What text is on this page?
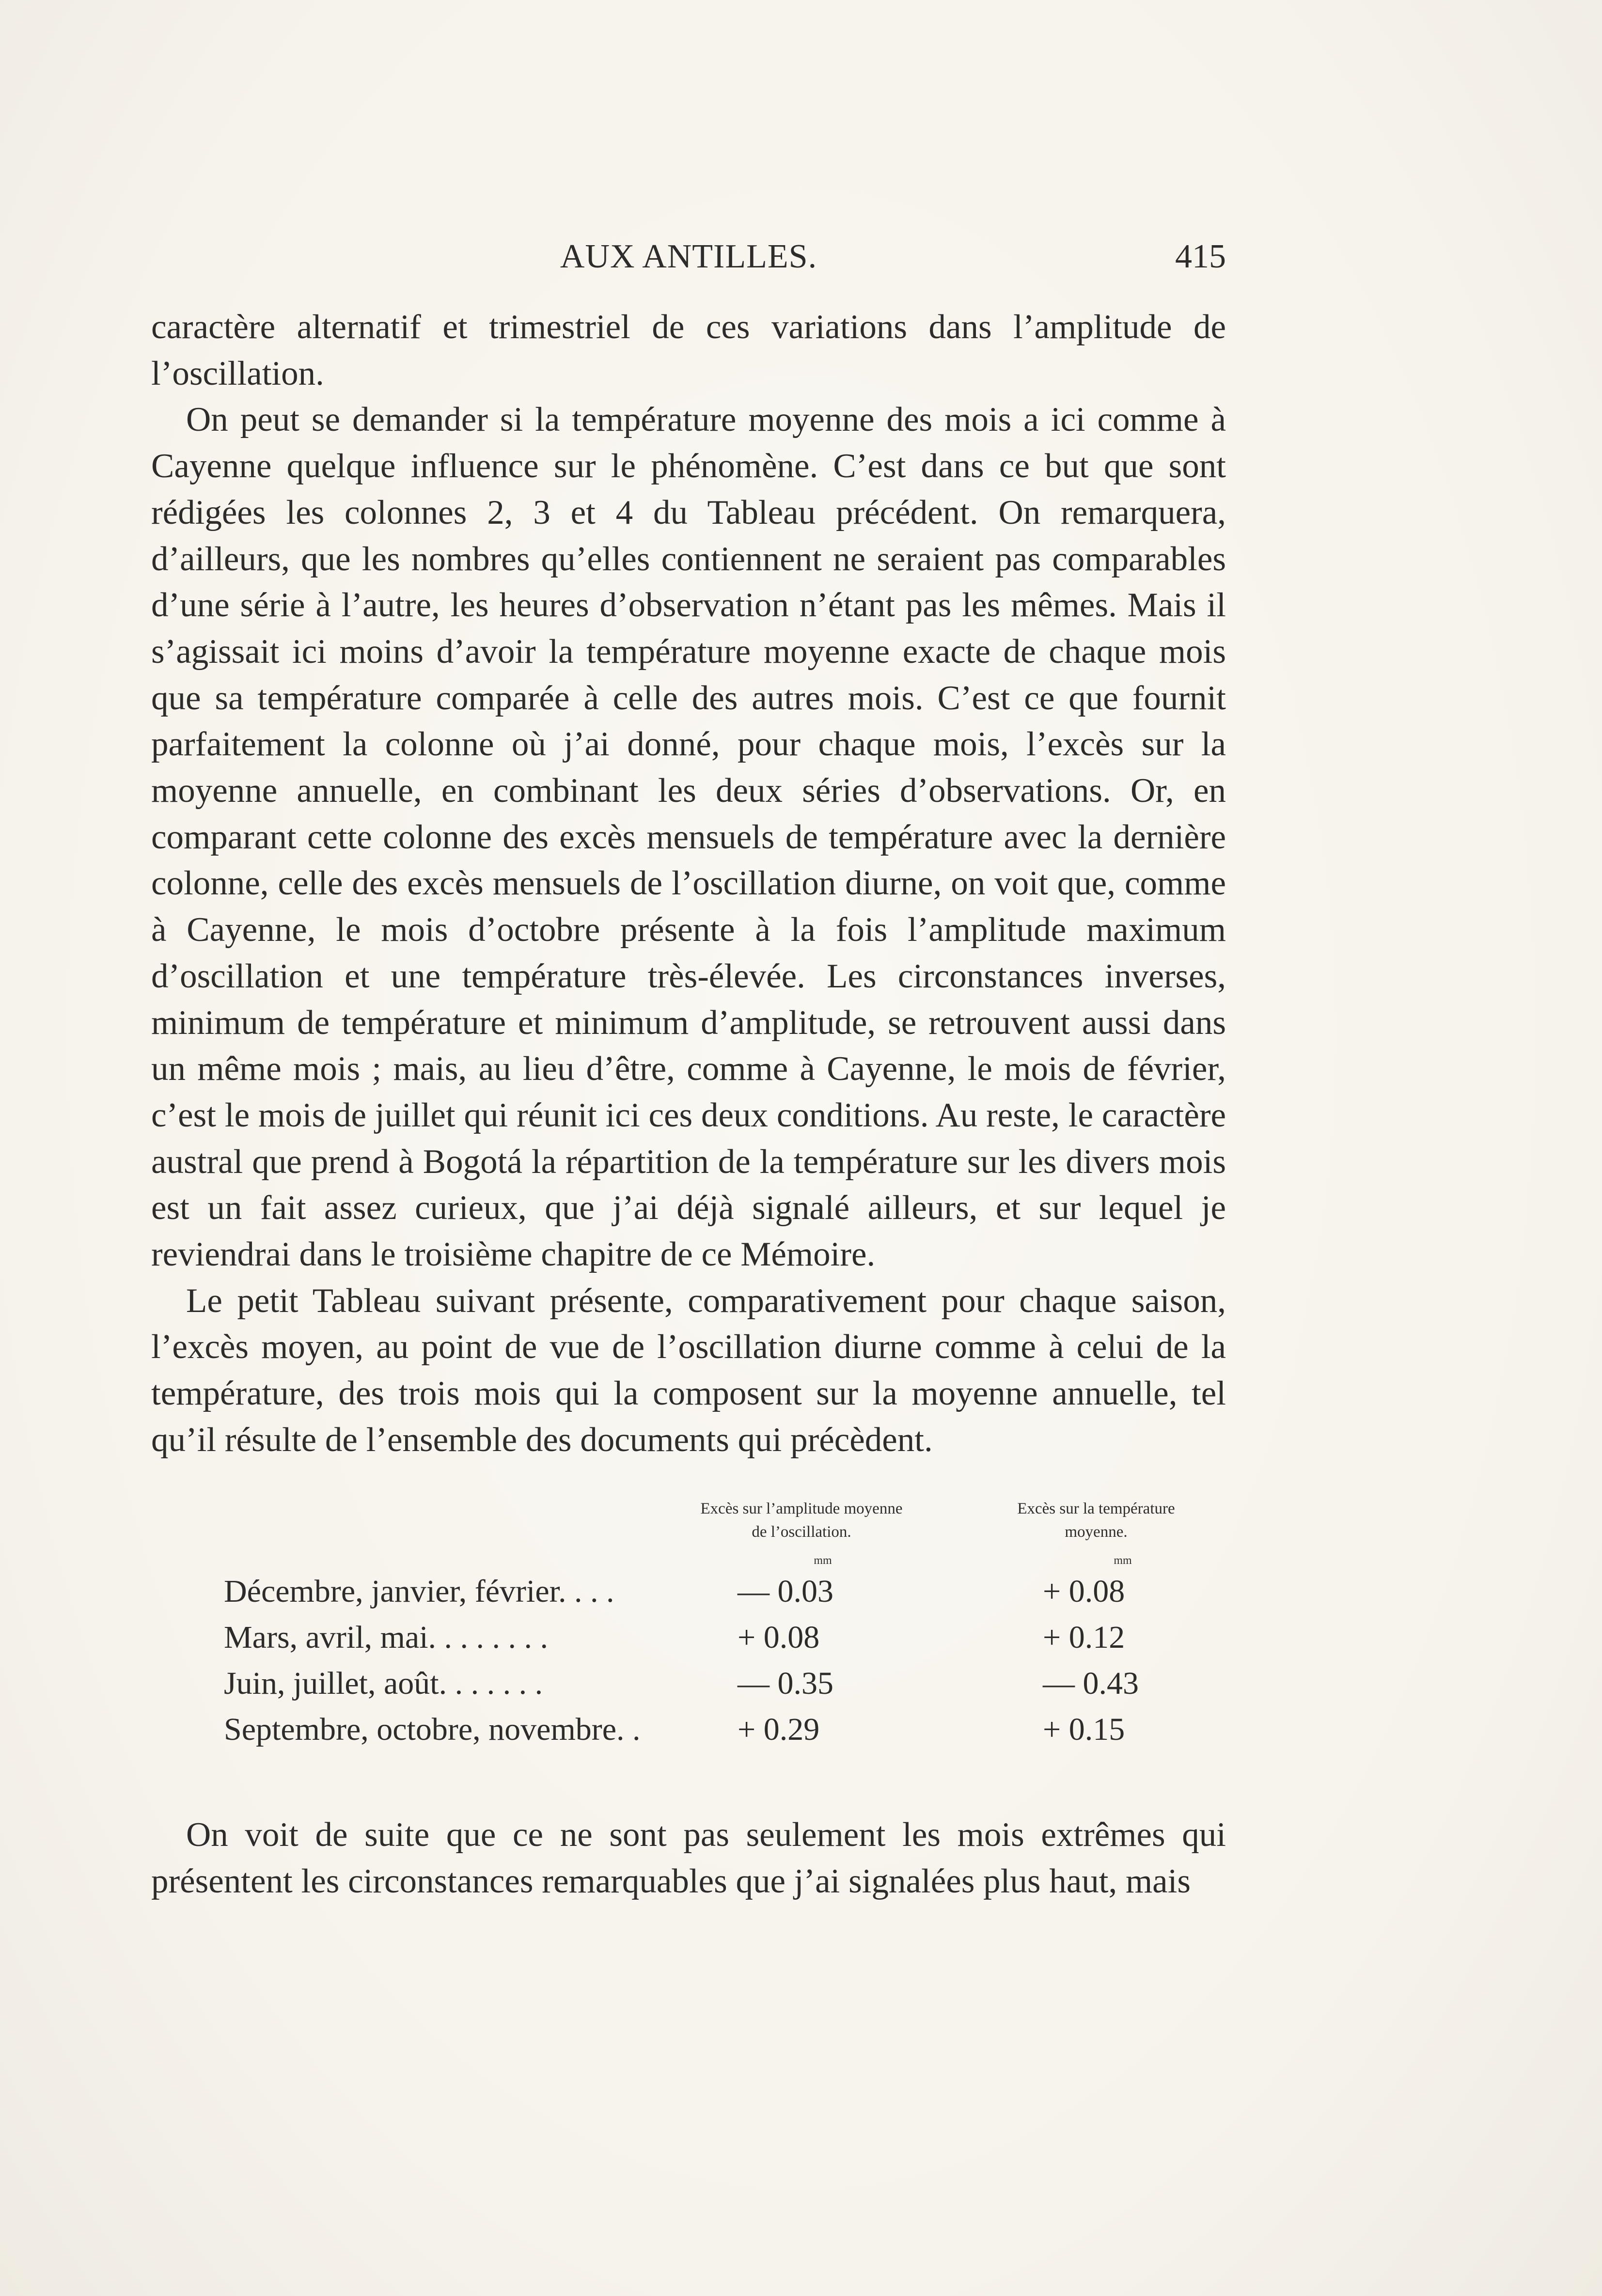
AUX ANTILLES.	415

caractère alternatif et trimestriel de ces variations dans l’amplitude de l’oscillation.

On peut se demander si la température moyenne des mois a ici comme à Cayenne quelque influence sur le phénomène. C’est dans ce but que sont rédigées les colonnes 2, 3 et 4 du Tableau précédent. On remarquera, d’ailleurs, que les nombres qu’elles contiennent ne seraient pas comparables d’une série à l’autre, les heures d’observation n’étant pas les mêmes. Mais il s’agissait ici moins d’avoir la température moyenne exacte de chaque mois que sa température comparée à celle des autres mois. C’est ce que fournit parfaitement la colonne où j’ai donné, pour chaque mois, l’excès sur la moyenne annuelle, en combinant les deux séries d’observations. Or, en comparant cette colonne des excès mensuels de température avec la dernière colonne, celle des excès mensuels de l’oscillation diurne, on voit que, comme à Cayenne, le mois d’octobre présente à la fois l’amplitude maximum d’oscillation et une température très-élevée. Les circonstances inverses, minimum de température et minimum d’amplitude, se retrouvent aussi dans un même mois ; mais, au lieu d’être, comme à Cayenne, le mois de février, c’est le mois de juillet qui réunit ici ces deux conditions. Au reste, le caractère austral que prend à Bogotá la répartition de la température sur les divers mois est un fait assez curieux, que j’ai déjà signalé ailleurs, et sur lequel je reviendrai dans le troisième chapitre de ce Mémoire.

Le petit Tableau suivant présente, comparativement pour chaque saison, l’excès moyen, au point de vue de l’oscillation diurne comme à celui de la température, des trois mois qui la composent sur la moyenne annuelle, tel qu’il résulte de l’ensemble des documents qui précèdent.

Excès sur l’amplitude moyenne
de l’oscillation.
Excès sur la température
moyenne.
mm	mm
Décembre, janvier, février. . . .	— 0.03	+ 0.08
Mars, avril, mai. . . . . . . .	+ 0.08	+ 0.12
Juin, juillet, août. . . . . . .	— 0.35	— 0.43
Septembre, octobre, novembre. .	+ 0.29	+ 0.15

On voit de suite que ce ne sont pas seulement les mois extrêmes qui présentent les circonstances remarquables que j’ai signalées plus haut, mais
